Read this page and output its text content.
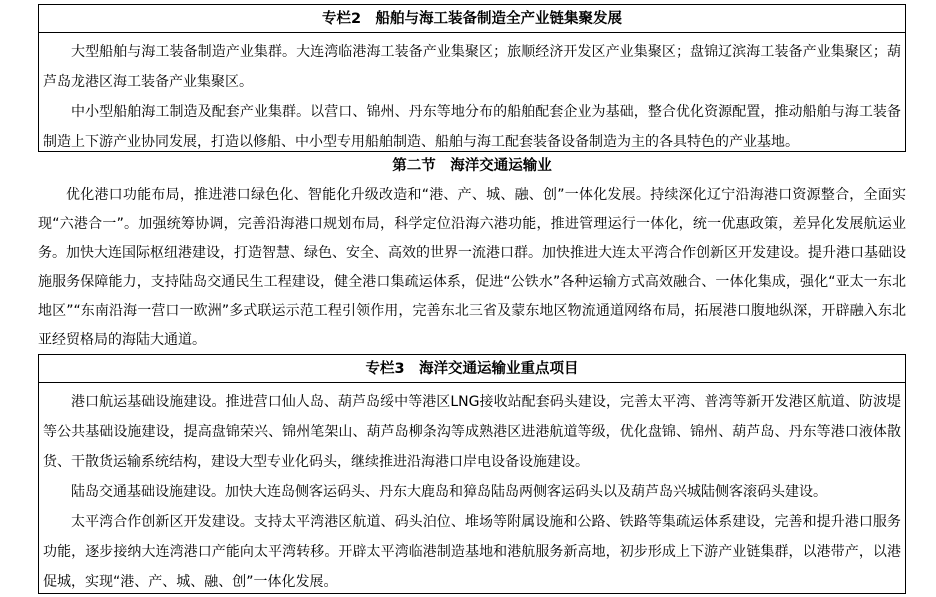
专栏2　船舶与海工装备制造全产业链集聚发展

大型船舶与海工装备制造产业集群。大连湾临港海工装备产业集聚区；旅顺经济开发区产业集聚区；盘锦辽滨海工装备产业集聚区；葫芦岛龙港区海工装备产业集聚区。

中小型船舶海工制造及配套产业集群。以营口、锦州、丹东等地分布的船舶配套企业为基础，整合优化资源配置，推动船舶与海工装备制造上下游产业协同发展，打造以修船、中小型专用船舶制造、船舶与海工配套装备设备制造为主的各具特色的产业基地。

第二节　海洋交通运输业

优化港口功能布局，推进港口绿色化、智能化升级改造和“港、产、城、融、创”一体化发展。持续深化辽宁沿海港口资源整合，全面实现“六港合一”。加强统筹协调，完善沿海港口规划布局，科学定位沿海六港功能，推进管理运行一体化，统一优惠政策，差异化发展航运业务。加快大连国际枢纽港建设，打造智慧、绿色、安全、高效的世界一流港口群。加快推进大连太平湾合作创新区开发建设。提升港口基础设施服务保障能力，支持陆岛交通民生工程建设，健全港口集疏运体系，促进“公铁水”各种运输方式高效融合、一体化集成，强化“亚太一东北地区”“东南沿海一营口一欧洲”多式联运示范工程引领作用，完善东北三省及蒙东地区物流通道网络布局，拓展港口腹地纵深，开辟融入东北亚经贸格局的海陆大通道。

专栏3　海洋交通运输业重点项目

港口航运基础设施建设。推进营口仙人岛、葫芦岛绥中等港区LNG接收站配套码头建设，完善太平湾、普湾等新开发港区航道、防波堤等公共基础设施建设，提高盘锦荣兴、锦州笔架山、葫芦岛柳条沟等成熟港区进港航道等级，优化盘锦、锦州、葫芦岛、丹东等港口液体散货、干散货运输系统结构，建设大型专业化码头，继续推进沿海港口岸电设备设施建设。

陆岛交通基础设施建设。加快大连岛侧客运码头、丹东大鹿岛和獐岛陆岛两侧客运码头以及葫芦岛兴城陆侧客滚码头建设。

太平湾合作创新区开发建设。支持太平湾港区航道、码头泊位、堆场等附属设施和公路、铁路等集疏运体系建设，完善和提升港口服务功能，逐步接纳大连湾港口产能向太平湾转移。开辟太平湾临港制造基地和港航服务新高地，初步形成上下游产业链集群，以港带产，以港促城，实现“港、产、城、融、创”一体化发展。
